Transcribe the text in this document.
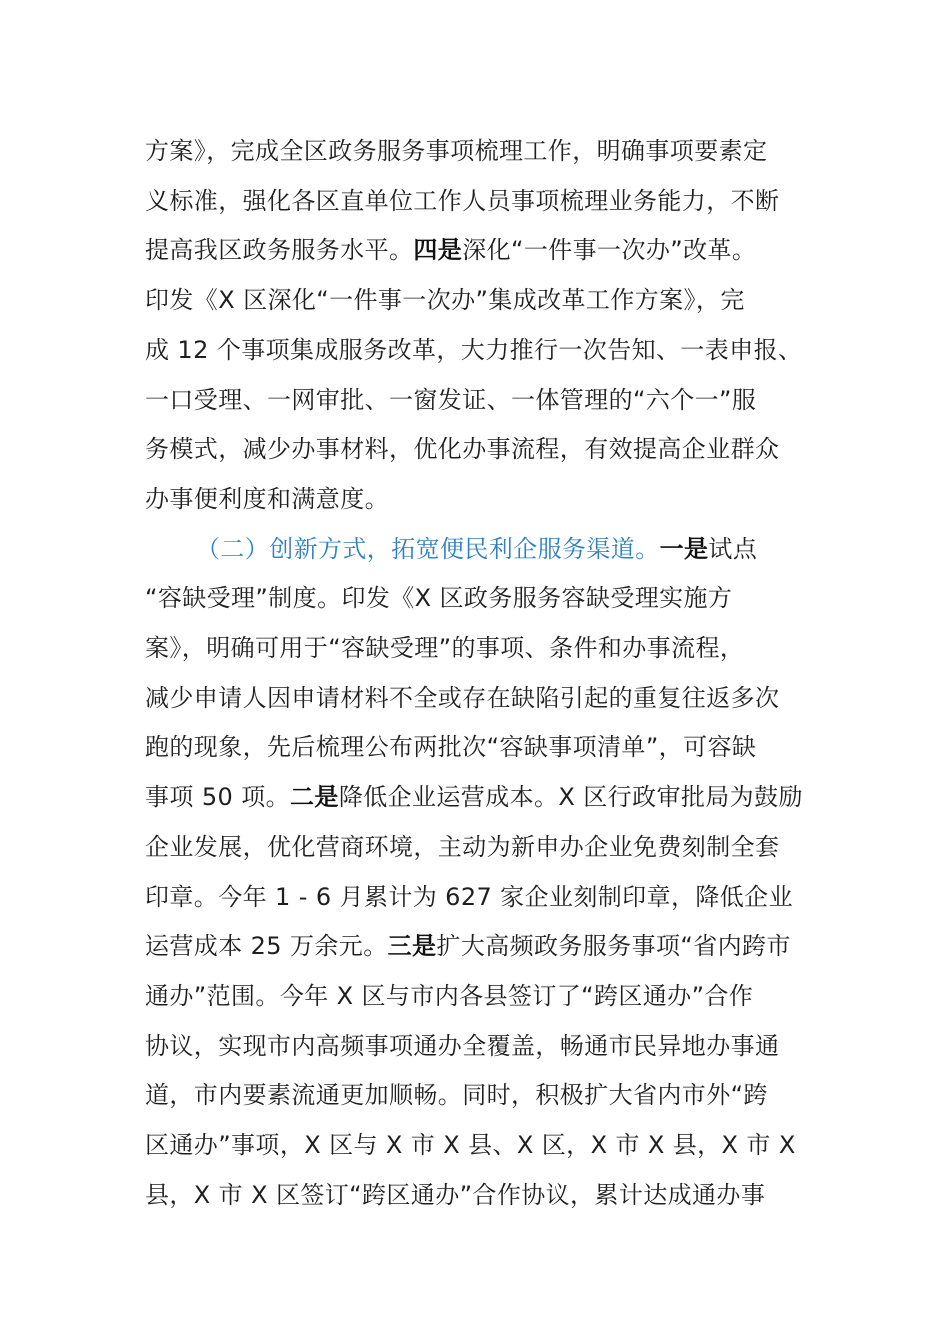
方案》，完成全区政务服务事项梳理工作，明确事项要素定
义标准，强化各区直单位工作人员事项梳理业务能力，不断
提高我区政务服务水平。四是深化“一件事一次办”改革。
印发《X 区深化“一件事一次办”集成改革工作方案》，完
成 12 个事项集成服务改革，大力推行一次告知、一表申报、
一口受理、一网审批、一窗发证、一体管理的“六个一”服
务模式，减少办事材料，优化办事流程，有效提高企业群众
办事便利度和满意度。
（二）创新方式，拓宽便民利企服务渠道。一是试点
“容缺受理”制度。印发《X 区政务服务容缺受理实施方
案》，明确可用于“容缺受理”的事项、条件和办事流程，
减少申请人因申请材料不全或存在缺陷引起的重复往返多次
跑的现象，先后梳理公布两批次“容缺事项清单”，可容缺
事项 50 项。二是降低企业运营成本。X 区行政审批局为鼓励
企业发展，优化营商环境，主动为新申办企业免费刻制全套
印章。今年 1 - 6 月累计为 627 家企业刻制印章，降低企业
运营成本 25 万余元。三是扩大高频政务服务事项“省内跨市
通办”范围。今年 X 区与市内各县签订了“跨区通办”合作
协议，实现市内高频事项通办全覆盖，畅通市民异地办事通
道，市内要素流通更加顺畅。同时，积极扩大省内市外“跨
区通办”事项，X 区与 X 市 X 县、X 区，X 市 X 县，X 市 X
县，X 市 X 区签订“跨区通办”合作协议，累计达成通办事
